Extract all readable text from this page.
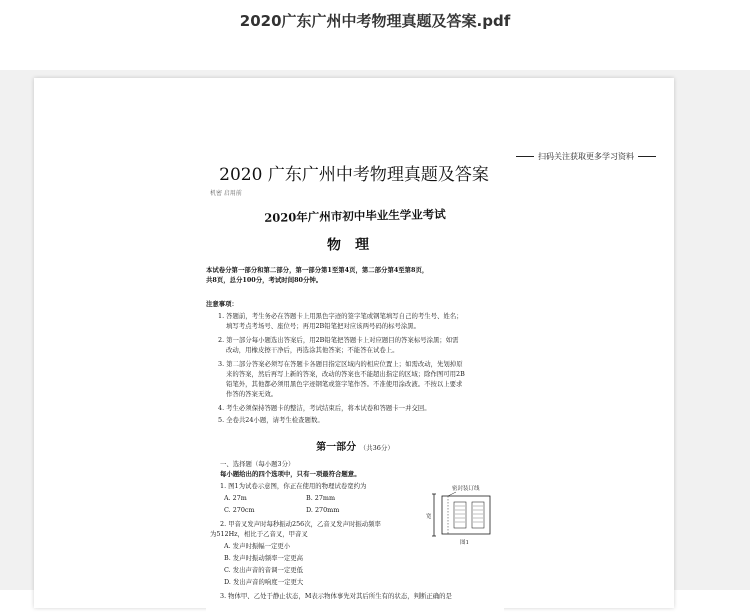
2020广东广州中考物理真题及答案.pdf
扫码关注获取更多学习资料
2020 广东广州中考物理真题及答案
机密 启用前
2020年广州市初中毕业生学业考试
物理
本试卷分第一部分和第二部分，第一部分第1至第4页，第二部分第4至第8页，
共8页，总分100分，考试时间80分钟。
注意事项：
1. 答题前，考生务必在答题卡上用黑色字迹的签字笔或钢笔填写自己的考生号、姓名；
填写考点考场号、座位号；再用2B铅笔把对应该两号码的标号涂黑。
2. 第一部分每小题选出答案后，用2B铅笔把答题卡上对应题目的答案标号涂黑；如需
改动，用橡皮擦干净后，再选涂其他答案；不能答在试卷上。
3. 第二部分答案必须写在答题卡各题目指定区域内的相应位置上；如需改动，先划掉原
来的答案，然后再写上新的答案，改动的答案也不能超出指定的区域；除作图可用2B
铅笔外，其他都必须用黑色字迹钢笔或签字笔作答。不准使用涂改液。不按以上要求
作答的答案无效。
4. 考生必须保持答题卡的整洁，考试结束后，将本试卷和答题卡一并交回。
5. 全卷共24小题，请考生检查题数。
第一部分 （共36分）
一、选择题（每小题3分）
每小题给出的四个选项中，只有一项最符合题意。
1. 图1为试卷示意图，你正在使用的物理试卷宽约为
A. 27m	B. 27mm
C. 270cm	D. 270mm
2. 甲音叉发声时每秒振动256次，乙音叉发声时振动频率
为512Hz，相比于乙音叉，甲音叉
A. 发声时振幅一定更小
B. 发声时振动频率一定更高
C. 发出声音的音调一定更低
D. 发出声音的响度一定更大
3. 物体甲、乙处于静止状态，M表示物体事先对其后所生有的状态，判断正确的是
密封装订线
宽
图1
